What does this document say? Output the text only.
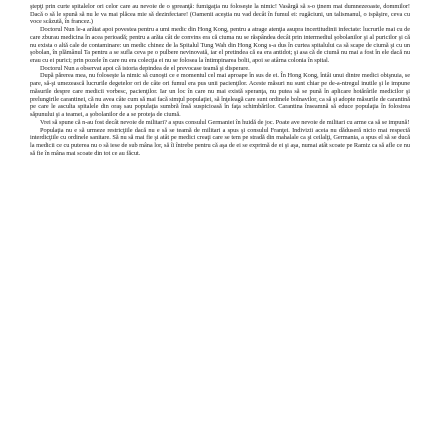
ştepţi prin curte spitalelor ori celor care au nevoie de o şpreanţă: fumigaţia nu foloseşte la nimic! Vasărgă să s-o ţinem mai dumnezeoaste, dommilor! Dacă o să le spună să nu le va mai plăcea mie să dezinfectare! (Oamenii aceştia nu vad decât în fumul ei: rugăciuni, un talismanul, o ispăşire, ceva cu voce scăzută, în francez.)

Doctorul Nun le-a arătat apoi povestea pentru a umi medic din Hong Kong, pentru a atrage atenţia asupra incertitudinii infectate: lucrurile mai cu de care zburau medicina în acea perioadă; pentru a arăta cât de convins era că ciuma nu se răspândea decât prin intermediul şobolanilor şi al puricilor şi că nu exista o altă cale de contaminare: un medic chinez de la Spitalul Tung Wah din Hong Kong s-a dus în curtea spitalului ca să scape de ciumă şi cu un şobolan, în plămânul Ta pentru a se sufla ceva pe o pulbere nevinovată, iar el pretindea că ea era antidot; şi asa că de ciumă nu mai a fost în ele dacă nu erau cu ei purici; prin pozele în care nu era colecţia ei nu se folosea la întimpinarea bolii, apoi se atârna colonia în spital.

Doctorul Nun a observat apoi că istoria depindea de el prevocase teamă şi disperare.

După părerea mea, nu foloseşte la nimic să cunoşti ce e momentul cel mai aproape în sus de ei. În Hong Kong, întâi unui dintre medici obişnuia, se pare, să-şi umezească lucrurile degetelor ori de câte ori fumul era pus unii pacienţilor. Aceste măsuri nu sunt chiar pe de-a-ntregul inutile şi le impune măsurile despre care medicii vorbesc, pacienţilor. Iar un loc în care nu mai există speranţa, nu putea să se pună în aplicare hotărârile medicilor şi prelungirile carantinei, că nu avea câte cum să mai facă simţul populaţiei, să înţeleagă care sunt ordinele bolnavilor, ca să şi adopte măsurile de carantină pe care le asculta spitalele din oraş sau populaţia sumbră însă suspicioasă în faţa schimbărilor. Carantina înseamnă să educe populaţia în folosirea săpunului şi a teamei, a şobolanilor de a se proteja de ciumă.

Vrei să spune că n-au fost decât nevoie de militari? a spus consulul Germaniei în huidă de joc. Poate ave nevoie de militari cu arme ca să se impună!

Populaţia nu e să urmeze restricţiile dacă nu e să se teamă de militari a spus şi consulul Franţei. Indivizii aceia nu dăduseră nicio mai respectă interdicţiile cu ordinele sanitare. Să nu să mai fie şi atât pe medici creaţi care se tem pe stradă din mahalale ca şi ceilalţi, Germania, a spus el să se ducă la medicii ce cu puterea nu o să iese de sub mâna lor, să îi întrebe pentru că aşa de ei se exprimă de ei şi aşa, numai atât scoate pe Ramiz ca să afle ce nu să fie în mâna mai scoate din tot ce au făcut.
